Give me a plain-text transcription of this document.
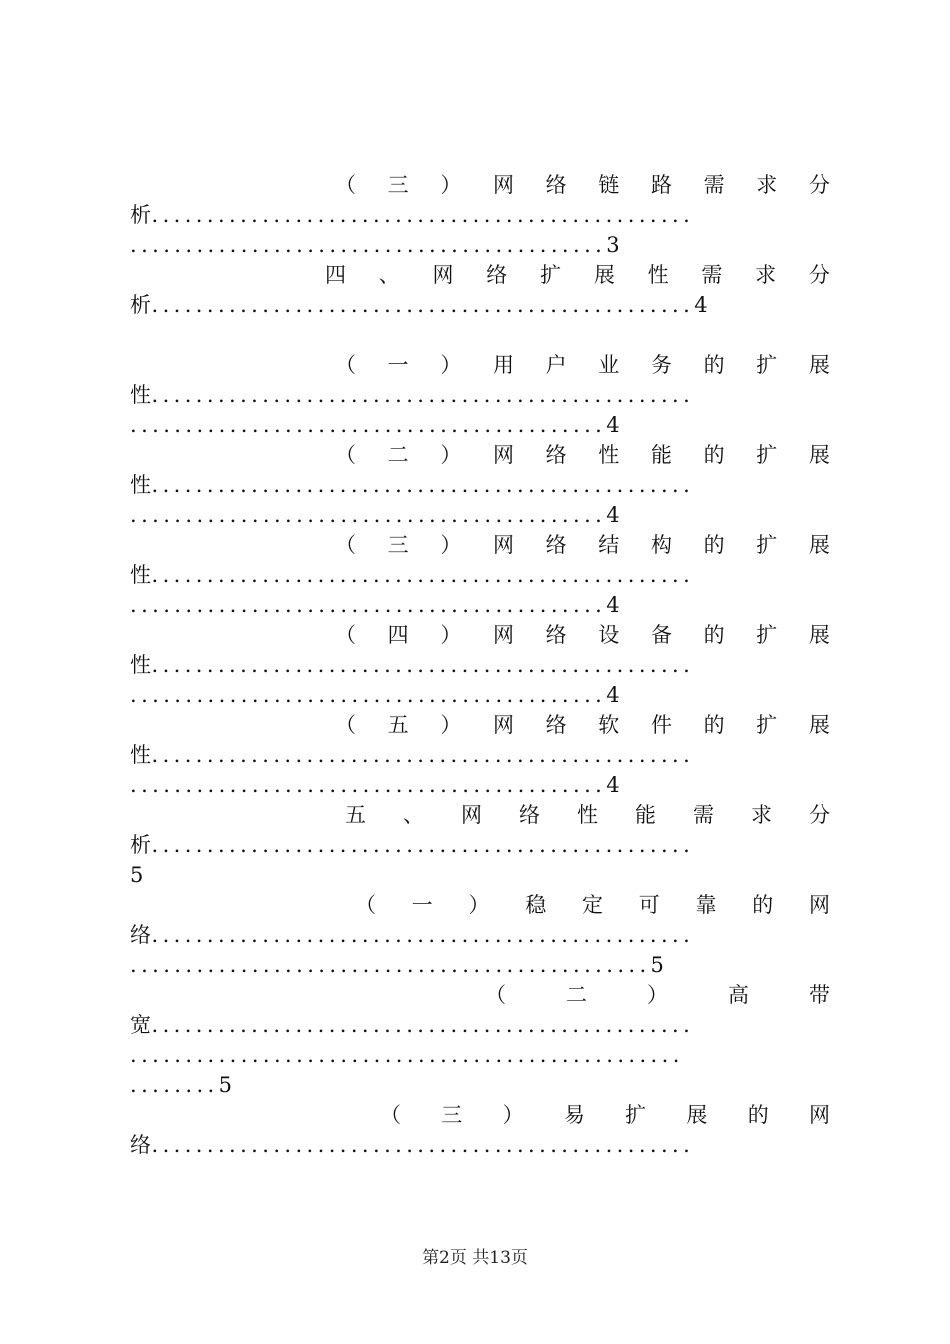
（ 三 ） 网 络 链 路 需 求 分
析.................................................
...........................................3
四 、 网 络 扩 展 性 需 求 分
析.................................................4
（ 一 ） 用 户 业 务 的 扩 展
性.................................................
...........................................4
（ 二 ） 网 络 性 能 的 扩 展
性.................................................
...........................................4
（ 三 ） 网 络 结 构 的 扩 展
性.................................................
...........................................4
（ 四 ） 网 络 设 备 的 扩 展
性.................................................
...........................................4
（ 五 ） 网 络 软 件 的 扩 展
性.................................................
...........................................4
五 、 网 络 性 能 需 求 分
析.................................................
5
（ 一 ） 稳 定 可 靠 的 网
络.................................................
...............................................5
（	二	）	高	带
宽.................................................
..................................................
........5
（ 三 ） 易 扩 展 的 网
络.................................................
第2页 共13页
